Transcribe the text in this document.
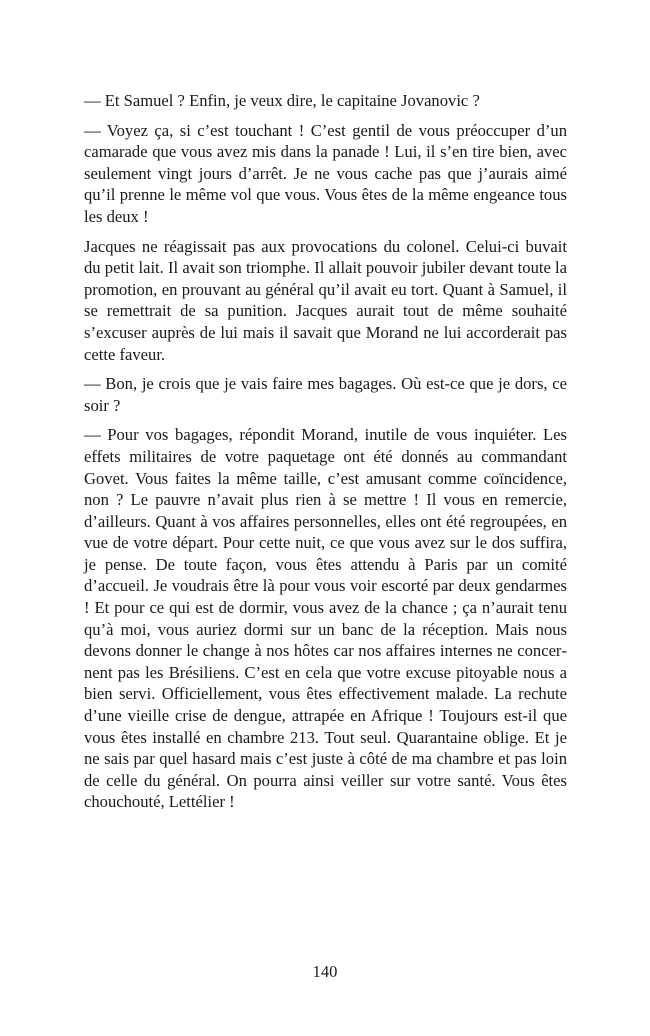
— Et Samuel ? Enfin, je veux dire, le capitaine Jovanovic ?

— Voyez ça, si c’est touchant ! C’est gentil de vous préoccuper d’un camarade que vous avez mis dans la panade ! Lui, il s’en tire bien, avec seulement vingt jours d’arrêt. Je ne vous cache pas que j’aurais aimé qu’il prenne le même vol que vous. Vous êtes de la même engeance tous les deux !

Jacques ne réagissait pas aux provocations du colonel. Celui-ci buvait du petit lait. Il avait son triomphe. Il allait pouvoir jubiler devant toute la promotion, en prouvant au général qu’il avait eu tort. Quant à Samuel, il se remettrait de sa punition. Jacques aurait tout de même souhaité s’excuser auprès de lui mais il savait que Morand ne lui accorderait pas cette faveur.

— Bon, je crois que je vais faire mes bagages. Où est-ce que je dors, ce soir ?

— Pour vos bagages, répondit Morand, inutile de vous inquiéter. Les effets militaires de votre paquetage ont été donnés au commandant Govet. Vous faites la même taille, c’est amusant comme coïncidence, non ? Le pauvre n’avait plus rien à se mettre ! Il vous en remercie, d’ailleurs. Quant à vos affaires personnelles, elles ont été regroupées, en vue de votre départ. Pour cette nuit, ce que vous avez sur le dos suffira, je pense. De toute façon, vous êtes attendu à Paris par un comité d’accueil. Je voudrais être là pour vous voir escorté par deux gendarmes ! Et pour ce qui est de dormir, vous avez de la chance ; ça n’aurait tenu qu’à moi, vous auriez dormi sur un banc de la réception. Mais nous devons donner le change à nos hôtes car nos affaires internes ne concernent pas les Brésiliens. C’est en cela que votre excuse pitoyable nous a bien servi. Officiellement, vous êtes effectivement malade. La rechute d’une vieille crise de dengue, attrapée en Afrique ! Toujours est-il que vous êtes installé en chambre 213. Tout seul. Quarantaine oblige. Et je ne sais par quel hasard mais c’est juste à côté de ma chambre et pas loin de celle du général. On pourra ainsi veiller sur votre santé. Vous êtes chouchouté, Lettélier !

140
